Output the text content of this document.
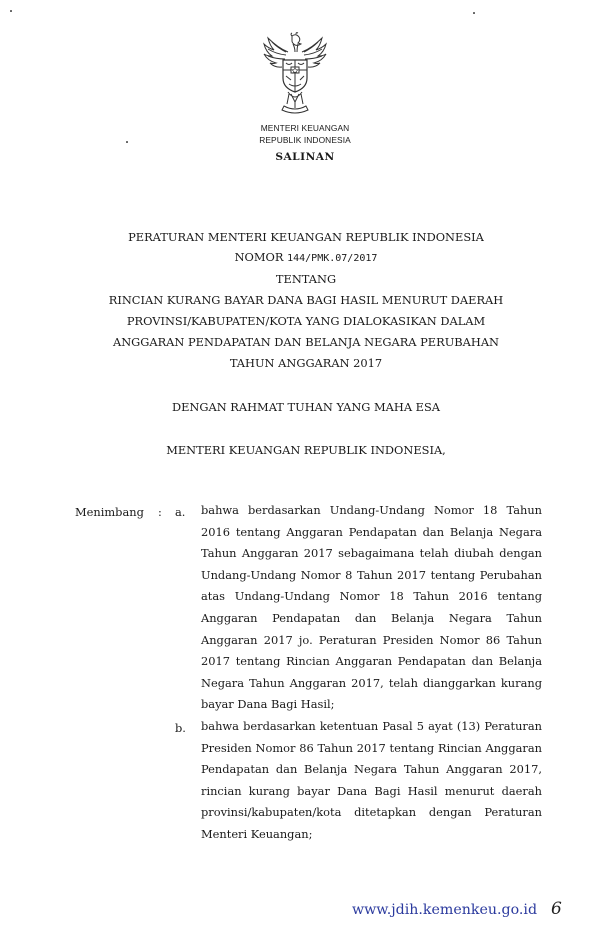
MENTERI KEUANGAN
REPUBLIK INDONESIA
SALINAN
PERATURAN MENTERI KEUANGAN REPUBLIK INDONESIA
NOMOR 144/PMK.07/2017
TENTANG
RINCIAN KURANG BAYAR DANA BAGI HASIL MENURUT DAERAH
PROVINSI/KABUPATEN/KOTA YANG DIALOKASIKAN DALAM
ANGGARAN PENDAPATAN DAN BELANJA NEGARA PERUBAHAN
TAHUN ANGGARAN 2017
DENGAN RAHMAT TUHAN YANG MAHA ESA
MENTERI KEUANGAN REPUBLIK INDONESIA,
Menimbang : a. bahwa berdasarkan Undang-Undang Nomor 18 Tahun 2016 tentang Anggaran Pendapatan dan Belanja Negara Tahun Anggaran 2017 sebagaimana telah diubah dengan Undang-Undang Nomor 8 Tahun 2017 tentang Perubahan atas Undang-Undang Nomor 18 Tahun 2016 tentang Anggaran Pendapatan dan Belanja Negara Tahun Anggaran 2017 jo. Peraturan Presiden Nomor 86 Tahun 2017 tentang Rincian Anggaran Pendapatan dan Belanja Negara Tahun Anggaran 2017, telah dianggarkan kurang bayar Dana Bagi Hasil;
b. bahwa berdasarkan ketentuan Pasal 5 ayat (13) Peraturan Presiden Nomor 86 Tahun 2017 tentang Rincian Anggaran Pendapatan dan Belanja Negara Tahun Anggaran 2017, rincian kurang bayar Dana Bagi Hasil menurut daerah provinsi/kabupaten/kota ditetapkan dengan Peraturan Menteri Keuangan;
www.jdih.kemenkeu.go.id 6
